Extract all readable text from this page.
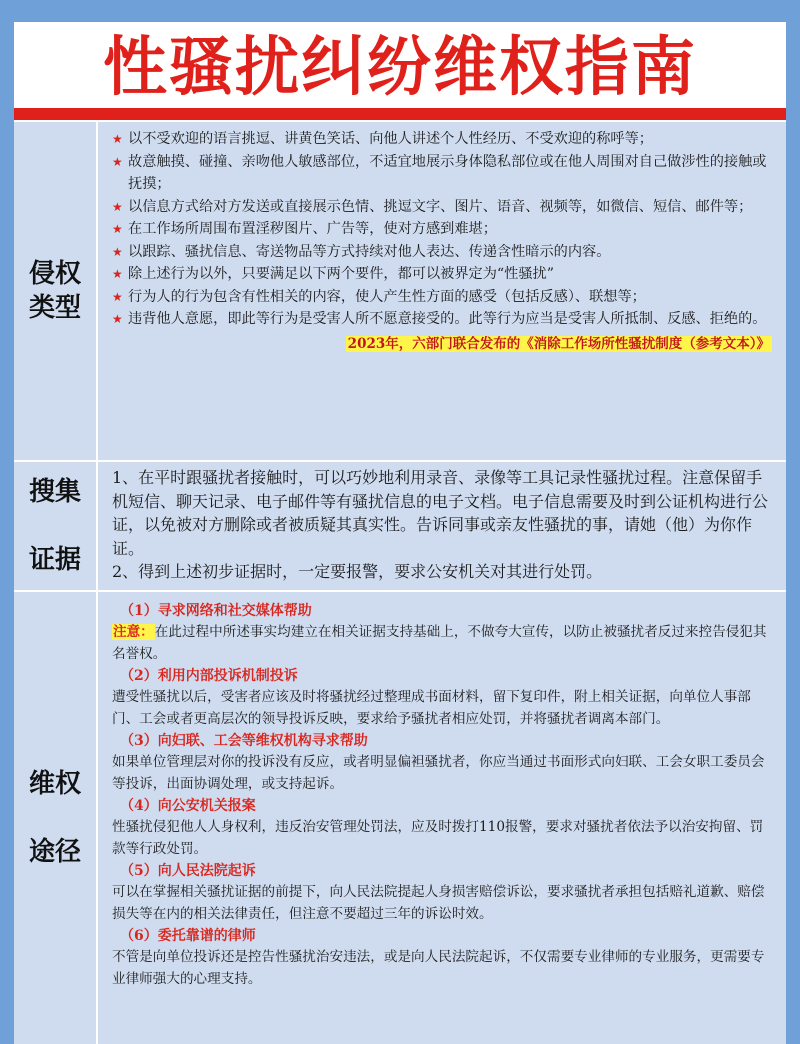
性骚扰纠纷维权指南
侵权
类型
★ 以不受欢迎的语言挑逗、讲黄色笑话、向他人讲述个人性经历、不受欢迎的称呼等；
★ 故意触摸、碰撞、亲吻他人敏感部位，不适宜地展示身体隐私部位或在他人周围对自己做涉性的接触或抚摸；
★ 以信息方式给对方发送或直接展示色情、挑逗文字、图片、语音、视频等，如微信、短信、邮件等；
★ 在工作场所周围布置淫秽图片、广告等，使对方感到难堪；
★ 以跟踪、骚扰信息、寄送物品等方式持续对他人表达、传递含性暗示的内容。
★ 除上述行为以外，只要满足以下两个要件，都可以被界定为“性骚扰”
★ 行为人的行为包含有性相关的内容，使人产生性方面的感受（包括反感）、联想等；
★ 违背他人意愿，即此等行为是受害人所不愿意接受的。此等行为应当是受害人所抵制、反感、拒绝的。
2023年，六部门联合发布的《消除工作场所性骚扰制度（参考文本）》
搜集

证据
1、在平时跟骚扰者接触时，可以巧妙地利用录音、录像等工具记录性骚扰过程。注意保留手机短信、聊天记录、电子邮件等有骚扰信息的电子文档。电子信息需要及时到公证机构进行公证，以免被对方删除或者被质疑其真实性。告诉同事或亲友性骚扰的事，请她（他）为你作证。
2、得到上述初步证据时，一定要报警，要求公安机关对其进行处罚。
维权

途径
（1）寻求网络和社交媒体帮助
注意：在此过程中所述事实均建立在相关证据支持基础上，不做夸大宣传，以防止被骚扰者反过来控告侵犯其名誉权。
（2）利用内部投诉机制投诉
遭受性骚扰以后，受害者应该及时将骚扰经过整理成书面材料，留下复印件，附上相关证据，向单位人事部门、工会或者更高层次的领导投诉反映，要求给予骚扰者相应处罚，并将骚扰者调离本部门。
（3）向妇联、工会等维权机构寻求帮助
如果单位管理层对你的投诉没有反应，或者明显偏袒骚扰者，你应当通过书面形式向妇联、工会女职工委员会等投诉，出面协调处理，或支持起诉。
（4）向公安机关报案
性骚扰侵犯他人人身权利，违反治安管理处罚法，应及时拨打110报警，要求对骚扰者依法予以治安拘留、罚款等行政处罚。
（5）向人民法院起诉
可以在掌握相关骚扰证据的前提下，向人民法院提起人身损害赔偿诉讼，要求骚扰者承担包括赔礼道歉、赔偿损失等在内的相关法律责任，但注意不要超过三年的诉讼时效。
（6）委托靠谱的律师
不管是向单位投诉还是控告性骚扰治安违法，或是向人民法院起诉，不仅需要专业律师的专业服务，更需要专业律师强大的心理支持。
